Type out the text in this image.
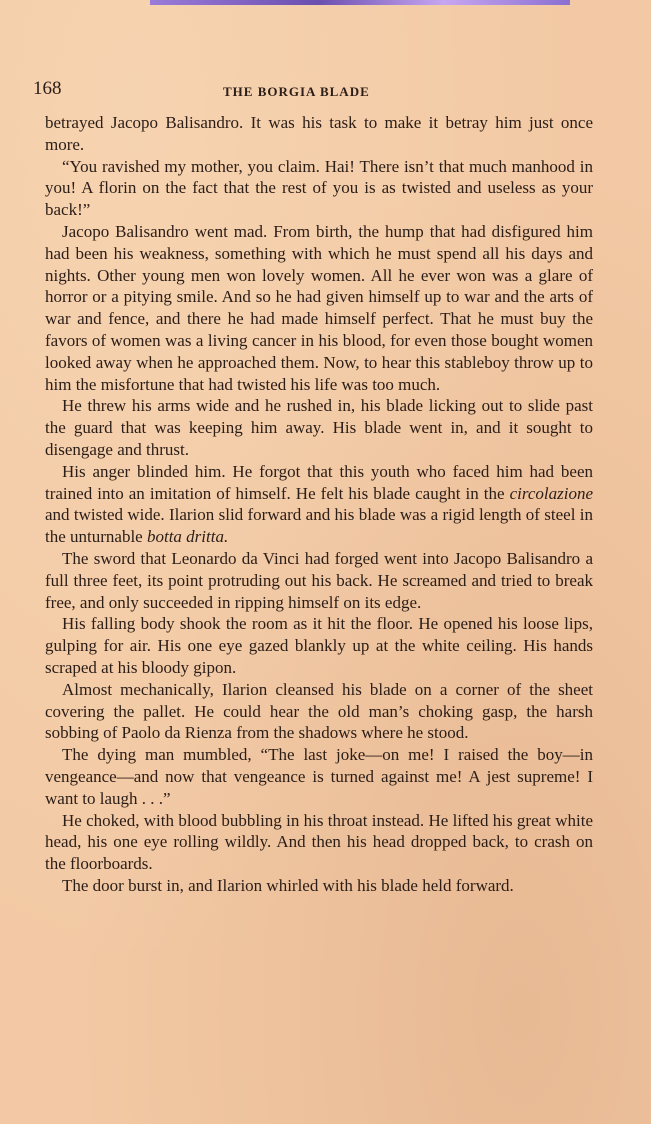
168	THE BORGIA BLADE

betrayed Jacopo Balisandro. It was his task to make it betray him just once more.

“You ravished my mother, you claim. Hai! There isn’t that much manhood in you! A florin on the fact that the rest of you is as twisted and useless as your back!”

Jacopo Balisandro went mad. From birth, the hump that had disfigured him had been his weakness, something with which he must spend all his days and nights. Other young men won lovely women. All he ever won was a glare of horror or a pitying smile. And so he had given himself up to war and the arts of war and fence, and there he had made himself perfect. That he must buy the favors of women was a living cancer in his blood, for even those bought women looked away when he approached them. Now, to hear this stableboy throw up to him the misfortune that had twisted his life was too much.

He threw his arms wide and he rushed in, his blade licking out to slide past the guard that was keeping him away. His blade went in, and it sought to disengage and thrust.

His anger blinded him. He forgot that this youth who faced him had been trained into an imitation of himself. He felt his blade caught in the circolazione and twisted wide. Ilarion slid forward and his blade was a rigid length of steel in the unturnable botta dritta.

The sword that Leonardo da Vinci had forged went into Jacopo Balisandro a full three feet, its point protruding out his back. He screamed and tried to break free, and only succeeded in ripping himself on its edge.

His falling body shook the room as it hit the floor. He opened his loose lips, gulping for air. His one eye gazed blankly up at the white ceiling. His hands scraped at his bloody gipon.

Almost mechanically, Ilarion cleansed his blade on a corner of the sheet covering the pallet. He could hear the old man’s choking gasp, the harsh sobbing of Paolo da Rienza from the shadows where he stood.

The dying man mumbled, “The last joke—on me! I raised the boy—in vengeance—and now that vengeance is turned against me! A jest supreme! I want to laugh . . .”

He choked, with blood bubbling in his throat instead. He lifted his great white head, his one eye rolling wildly. And then his head dropped back, to crash on the floorboards.

The door burst in, and Ilarion whirled with his blade held forward.
